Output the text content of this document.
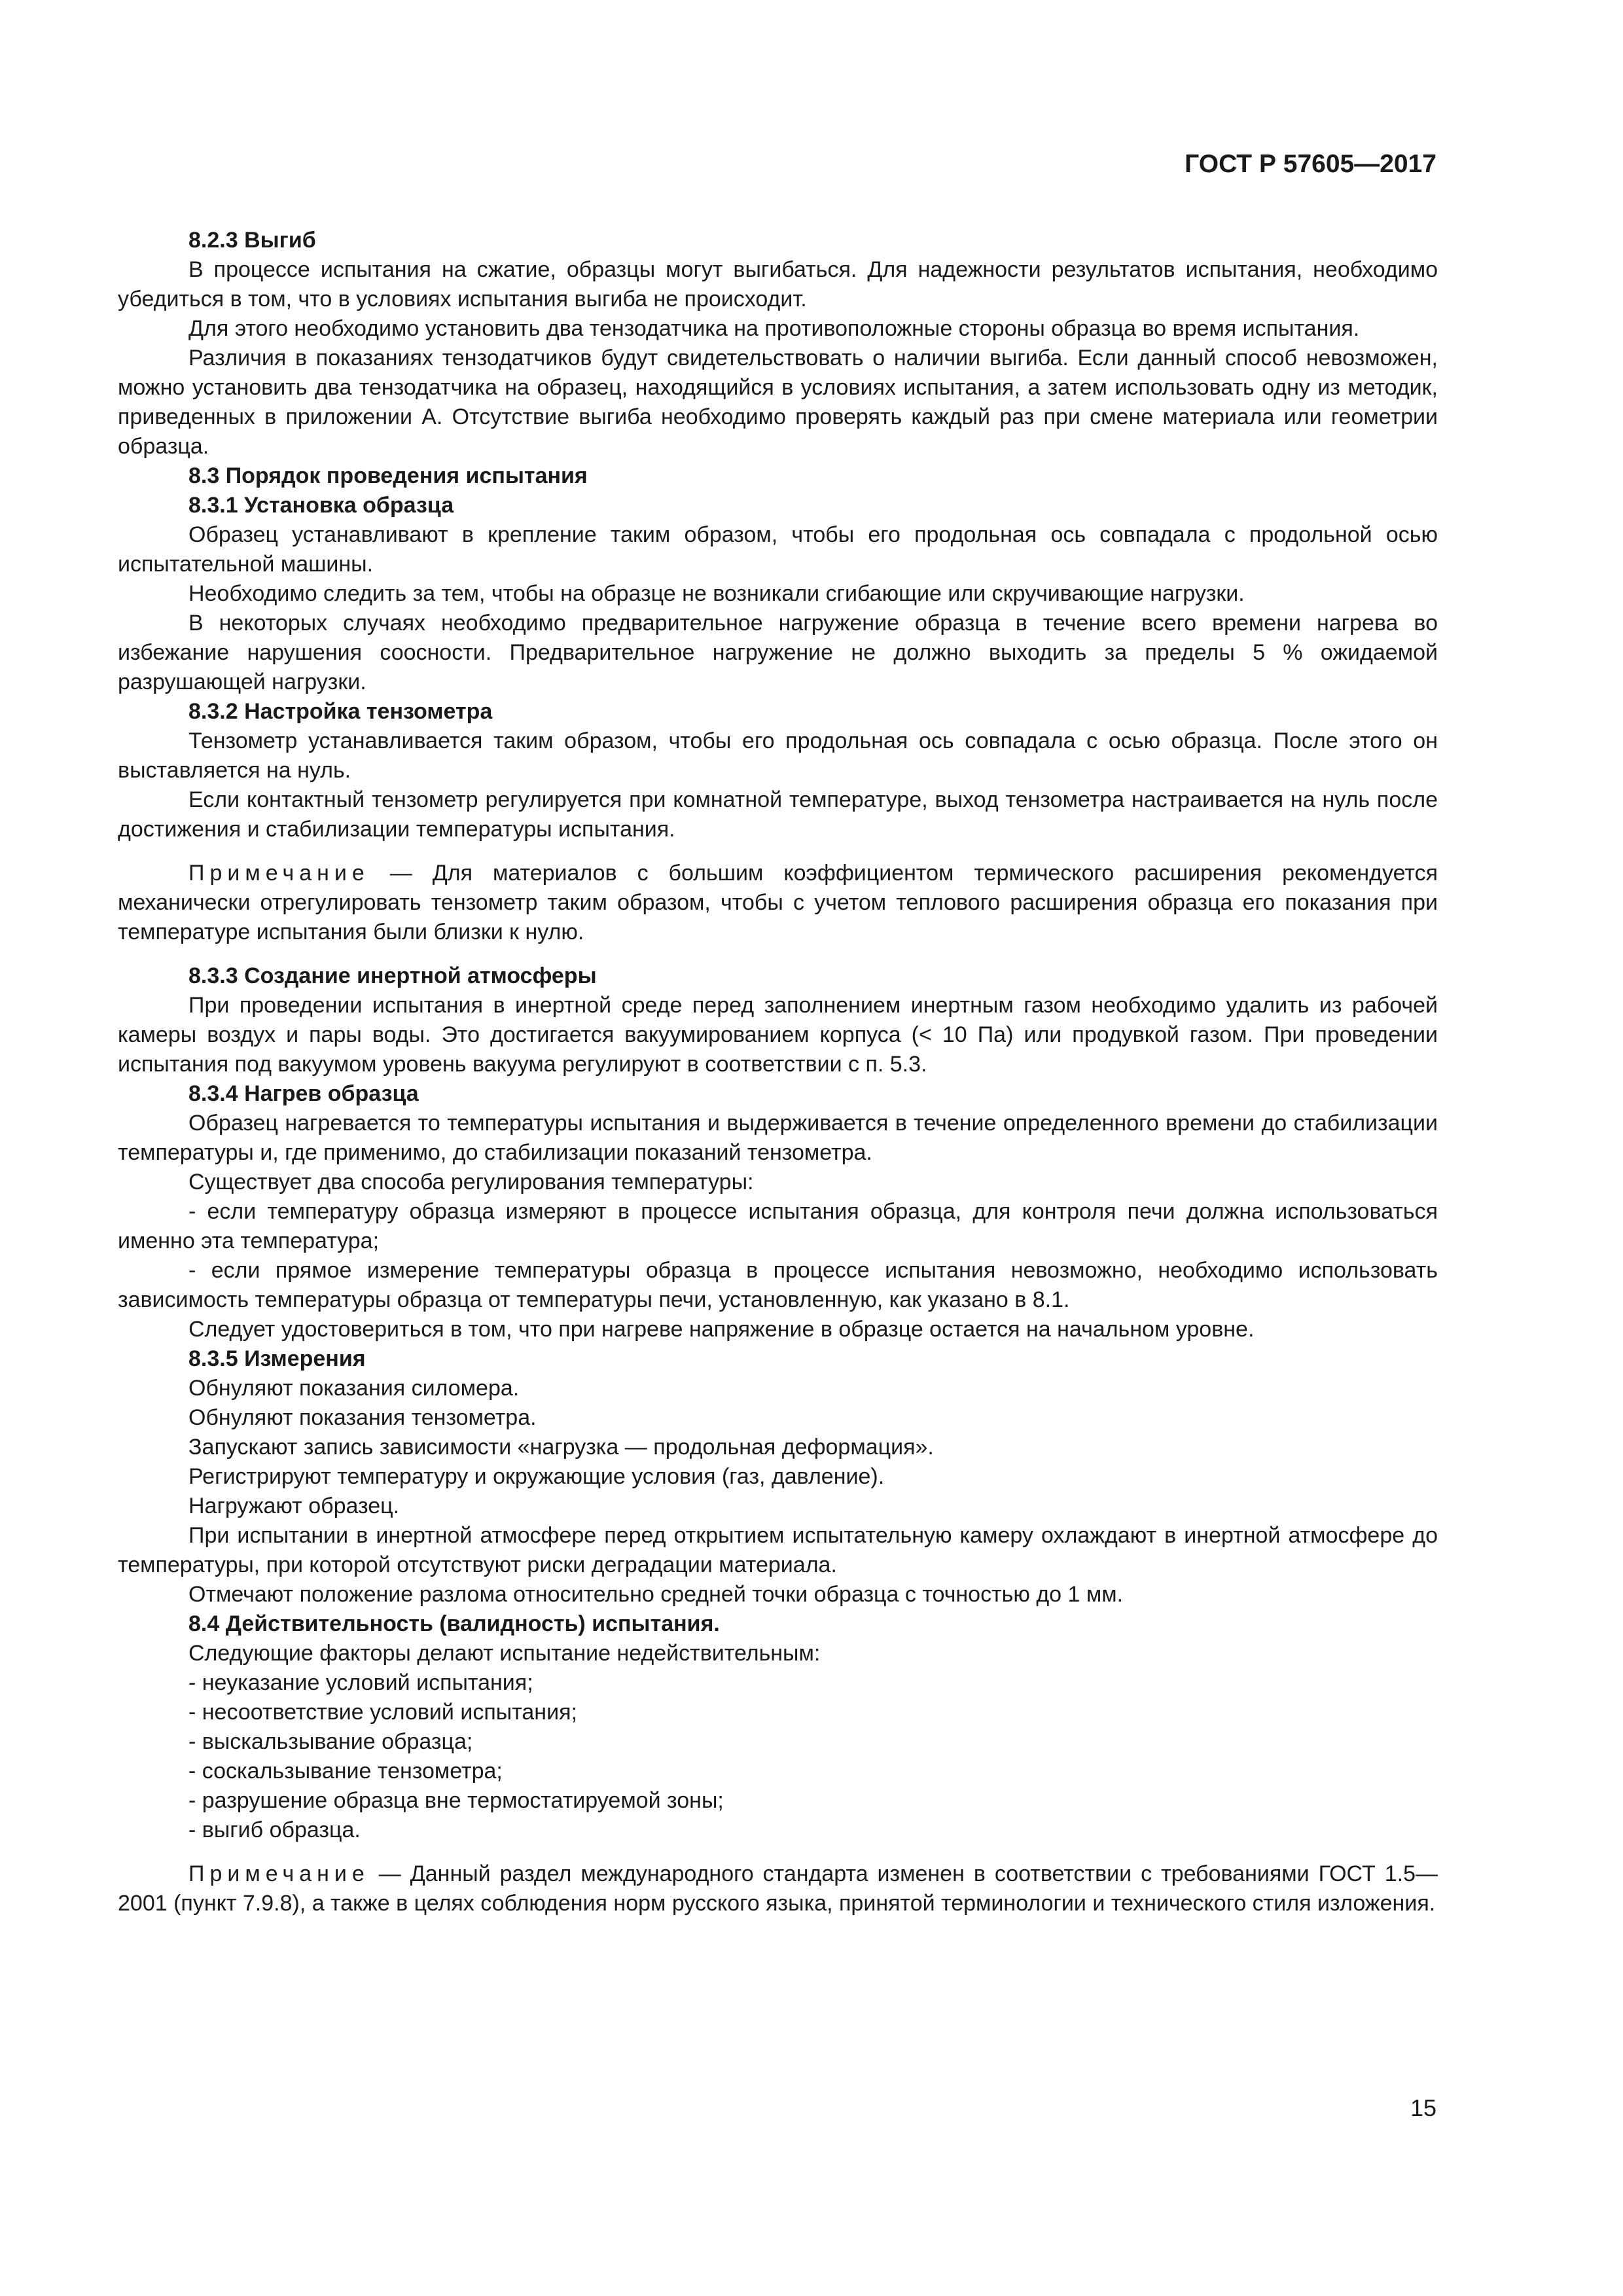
ГОСТ Р 57605—2017

8.2.3 Выгиб

В процессе испытания на сжатие, образцы могут выгибаться. Для надежности результатов испытания, необходимо убедиться в том, что в условиях испытания выгиба не происходит.

Для этого необходимо установить два тензодатчика на противоположные стороны образца во время испытания.

Различия в показаниях тензодатчиков будут свидетельствовать о наличии выгиба. Если данный способ невозможен, можно установить два тензодатчика на образец, находящийся в условиях испытания, а затем использовать одну из методик, приведенных в приложении А. Отсутствие выгиба необходимо проверять каждый раз при смене материала или геометрии образца.

8.3 Порядок проведения испытания

8.3.1 Установка образца

Образец устанавливают в крепление таким образом, чтобы его продольная ось совпадала с продольной осью испытательной машины.

Необходимо следить за тем, чтобы на образце не возникали сгибающие или скручивающие нагрузки.

В некоторых случаях необходимо предварительное нагружение образца в течение всего времени нагрева во избежание нарушения соосности. Предварительное нагружение не должно выходить за пределы 5 % ожидаемой разрушающей нагрузки.

8.3.2 Настройка тензометра

Тензометр устанавливается таким образом, чтобы его продольная ось совпадала с осью образца. После этого он выставляется на нуль.

Если контактный тензометр регулируется при комнатной температуре, выход тензометра настраивается на нуль после достижения и стабилизации температуры испытания.

Примечание — Для материалов с большим коэффициентом термического расширения рекомендуется механически отрегулировать тензометр таким образом, чтобы с учетом теплового расширения образца его показания при температуре испытания были близки к нулю.

8.3.3 Создание инертной атмосферы

При проведении испытания в инертной среде перед заполнением инертным газом необходимо удалить из рабочей камеры воздух и пары воды. Это достигается вакуумированием корпуса (< 10 Па) или продувкой газом. При проведении испытания под вакуумом уровень вакуума регулируют в соответствии с п. 5.3.

8.3.4 Нагрев образца

Образец нагревается то температуры испытания и выдерживается в течение определенного времени до стабилизации температуры и, где применимо, до стабилизации показаний тензометра.

Существует два способа регулирования температуры:

- если температуру образца измеряют в процессе испытания образца, для контроля печи должна использоваться именно эта температура;

- если прямое измерение температуры образца в процессе испытания невозможно, необходимо использовать зависимость температуры образца от температуры печи, установленную, как указано в 8.1.

Следует удостовериться в том, что при нагреве напряжение в образце остается на начальном уровне.

8.3.5 Измерения

Обнуляют показания силомера.

Обнуляют показания тензометра.

Запускают запись зависимости «нагрузка — продольная деформация».

Регистрируют температуру и окружающие условия (газ, давление).

Нагружают образец.

При испытании в инертной атмосфере перед открытием испытательную камеру охлаждают в инертной атмосфере до температуры, при которой отсутствуют риски деградации материала.

Отмечают положение разлома относительно средней точки образца с точностью до 1 мм.

8.4 Действительность (валидность) испытания.

Следующие факторы делают испытание недействительным:

- неуказание условий испытания;

- несоответствие условий испытания;

- выскальзывание образца;

- соскальзывание тензометра;

- разрушение образца вне термостатируемой зоны;

- выгиб образца.

Примечание — Данный раздел международного стандарта изменен в соответствии с требованиями ГОСТ 1.5—2001 (пункт 7.9.8), а также в целях соблюдения норм русского языка, принятой терминологии и технического стиля изложения.

15
